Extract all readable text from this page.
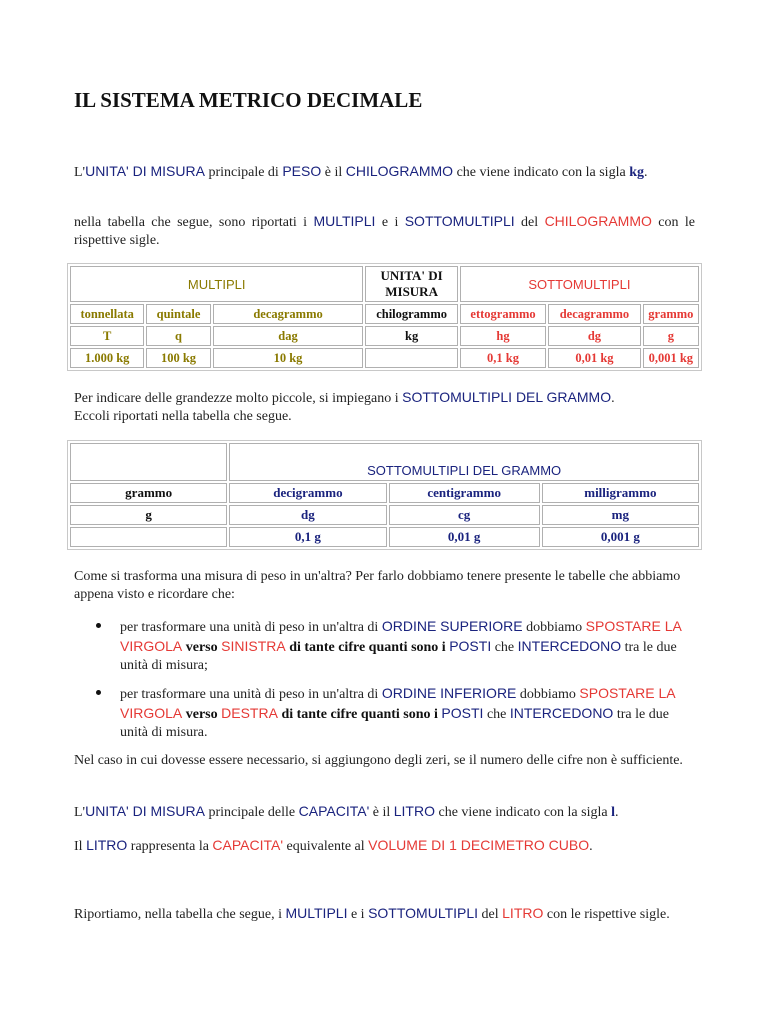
IL SISTEMA METRICO DECIMALE
L'UNITA' DI MISURA principale di PESO è il CHILOGRAMMO che viene indicato con la sigla kg.
nella tabella che segue, sono riportati i MULTIPLI e i SOTTOMULTIPLI del CHILOGRAMMO con le rispettive sigle.
MULTIPLI			UNITA' DI MISURA	SOTTOMULTIPLI		
tonnellata	quintale	decagrammo	chilogrammo	ettogrammo	decagrammo	grammo
T	q	dag	kg	hg	dg	g
1.000 kg	100 kg	10 kg		0,1 kg	0,01 kg	0,001 kg
Per indicare delle grandezze molto piccole, si impiegano i SOTTOMULTIPLI DEL GRAMMO.
Eccoli riportati nella tabella che segue.
	SOTTOMULTIPLI DEL GRAMMO		
grammo	decigrammo	centigrammo	milligrammo
g	dg	cg	mg
	0,1 g	0,01 g	0,001 g
Come si trasforma una misura di peso in un'altra? Per farlo dobbiamo tenere presente le tabelle che abbiamo appena visto e ricordare che:
per trasformare una unità di peso in un'altra di ORDINE SUPERIORE dobbiamo SPOSTARE LA VIRGOLA verso SINISTRA di tante cifre quanti sono i POSTI che INTERCEDONO tra le due unità di misura;
per trasformare una unità di peso in un'altra di ORDINE INFERIORE dobbiamo SPOSTARE LA VIRGOLA verso DESTRA di tante cifre quanti sono i POSTI che INTERCEDONO tra le due unità di misura.
Nel caso in cui dovesse essere necessario, si aggiungono degli zeri, se il numero delle cifre non è sufficiente.
L'UNITA' DI MISURA principale delle CAPACITA' è il LITRO che viene indicato con la sigla l.
Il LITRO rappresenta la CAPACITA' equivalente al VOLUME DI 1 DECIMETRO CUBO.
Riportiamo, nella tabella che segue, i MULTIPLI e i SOTTOMULTIPLI del LITRO con le rispettive sigle.
